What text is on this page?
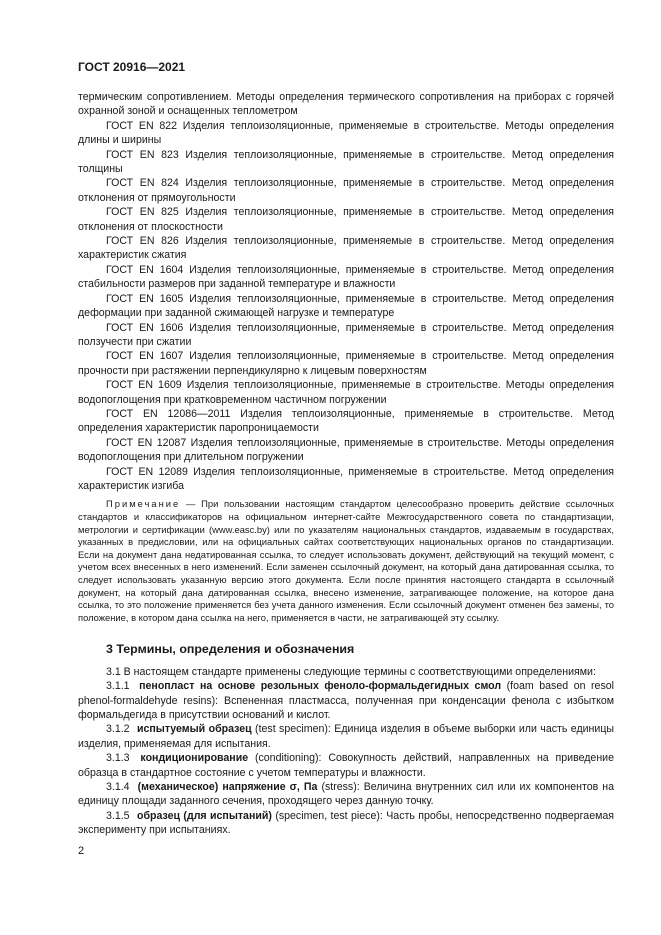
ГОСТ 20916—2021

термическим сопротивлением. Методы определения термического сопротивления на приборах с горячей охранной зоной и оснащенных теплометром

ГОСТ EN 822 Изделия теплоизоляционные, применяемые в строительстве. Методы определения длины и ширины

ГОСТ EN 823 Изделия теплоизоляционные, применяемые в строительстве. Метод определения толщины

ГОСТ EN 824 Изделия теплоизоляционные, применяемые в строительстве. Метод определения отклонения от прямоугольности

ГОСТ EN 825 Изделия теплоизоляционные, применяемые в строительстве. Метод определения отклонения от плоскостности

ГОСТ EN 826 Изделия теплоизоляционные, применяемые в строительстве. Метод определения характеристик сжатия

ГОСТ EN 1604 Изделия теплоизоляционные, применяемые в строительстве. Метод определения стабильности размеров при заданной температуре и влажности

ГОСТ EN 1605 Изделия теплоизоляционные, применяемые в строительстве. Метод определения деформации при заданной сжимающей нагрузке и температуре

ГОСТ EN 1606 Изделия теплоизоляционные, применяемые в строительстве. Метод определения ползучести при сжатии

ГОСТ EN 1607 Изделия теплоизоляционные, применяемые в строительстве. Метод определения прочности при растяжении перпендикулярно к лицевым поверхностям

ГОСТ EN 1609 Изделия теплоизоляционные, применяемые в строительстве. Методы определения водопоглощения при кратковременном частичном погружении

ГОСТ EN 12086—2011 Изделия теплоизоляционные, применяемые в строительстве. Метод определения характеристик паропроницаемости

ГОСТ EN 12087 Изделия теплоизоляционные, применяемые в строительстве. Методы определения водопоглощения при длительном погружении

ГОСТ EN 12089 Изделия теплоизоляционные, применяемые в строительстве. Метод определения характеристик изгиба

Примечание — При пользовании настоящим стандартом целесообразно проверить действие ссылочных стандартов и классификаторов на официальном интернет-сайте Межгосударственного совета по стандартизации, метрологии и сертификации (www.easc.by) или по указателям национальных стандартов, издаваемым в государствах, указанных в предисловии, или на официальных сайтах соответствующих национальных органов по стандартизации. Если на документ дана недатированная ссылка, то следует использовать документ, действующий на текущий момент, с учетом всех внесенных в него изменений. Если заменен ссылочный документ, на который дана датированная ссылка, то следует использовать указанную версию этого документа. Если после принятия настоящего стандарта в ссылочный документ, на который дана датированная ссылка, внесено изменение, затрагивающее положение, на которое дана ссылка, то это положение применяется без учета данного изменения. Если ссылочный документ отменен без замены, то положение, в котором дана ссылка на него, применяется в части, не затрагивающей эту ссылку.

3 Термины, определения и обозначения

3.1 В настоящем стандарте применены следующие термины с соответствующими определениями:

3.1.1 пенопласт на основе резольных феноло-формальдегидных смол (foam based on resol phenol-formaldehyde resins): Вспененная пластмасса, полученная при конденсации фенола с избытком формальдегида в присутствии оснований и кислот.

3.1.2 испытуемый образец (test specimen): Единица изделия в объеме выборки или часть единицы изделия, применяемая для испытания.

3.1.3 кондиционирование (conditioning): Совокупность действий, направленных на приведение образца в стандартное состояние с учетом температуры и влажности.

3.1.4 (механическое) напряжение σ, Па (stress): Величина внутренних сил или их компонентов на единицу площади заданного сечения, проходящего через данную точку.

3.1.5 образец (для испытаний) (specimen, test piece): Часть пробы, непосредственно подвергаемая эксперименту при испытаниях.

2
